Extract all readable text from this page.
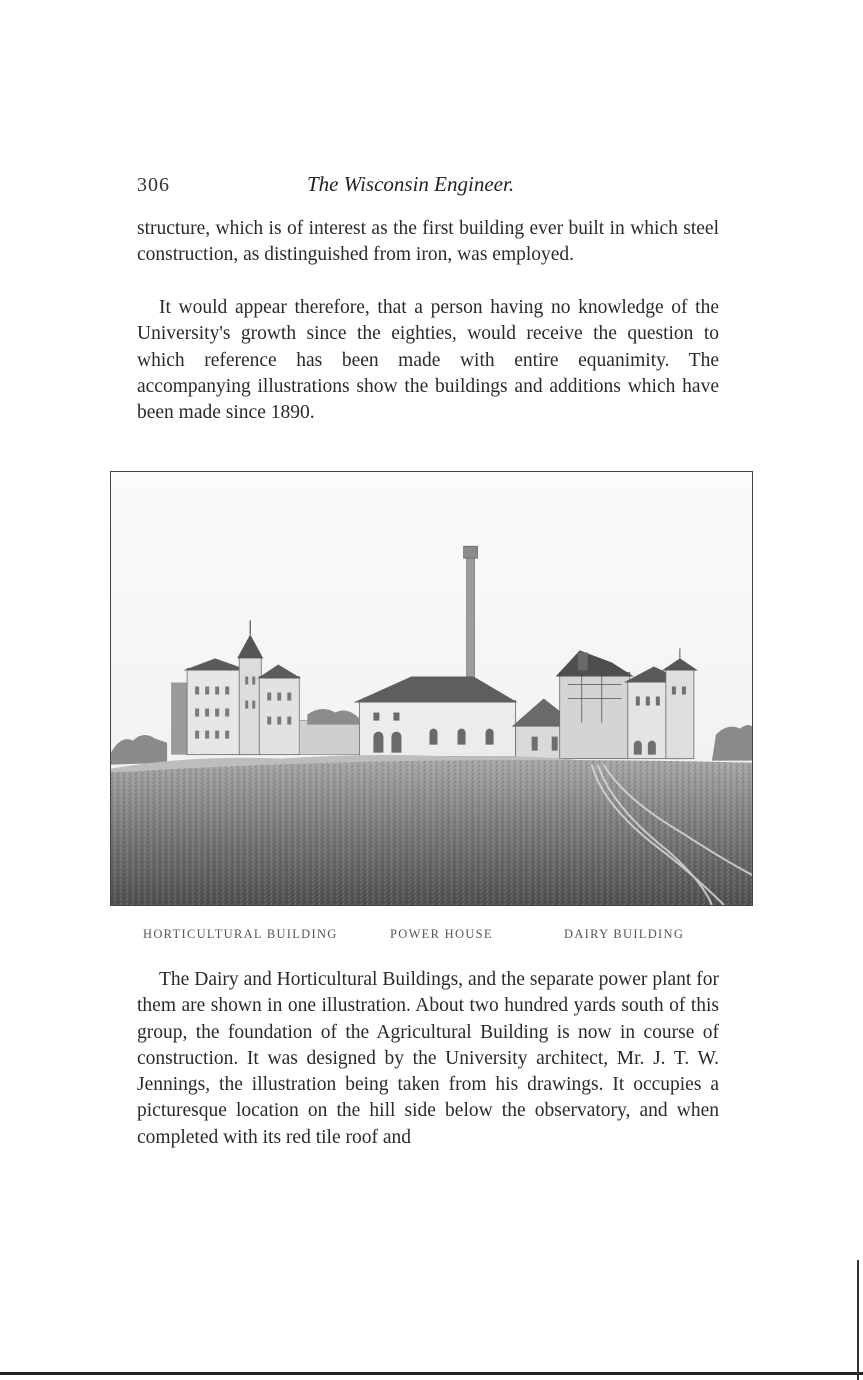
306	The Wisconsin Engineer.

structure, which is of interest as the first building ever built in which steel construction, as distinguished from iron, was employed.

It would appear therefore, that a person having no knowledge of the University's growth since the eighties, would receive the question to which reference has been made with entire equanimity. The accompanying illustrations show the buildings and additions which have been made since 1890.

HORTICULTURAL BUILDING	POWER HOUSE	DAIRY BUILDING

The Dairy and Horticultural Buildings, and the separate power plant for them are shown in one illustration. About two hundred yards south of this group, the foundation of the Agricultural Building is now in course of construction. It was designed by the University architect, Mr. J. T. W. Jennings, the illustration being taken from his drawings. It occupies a picturesque location on the hill side below the observatory, and when completed with its red tile roof and
